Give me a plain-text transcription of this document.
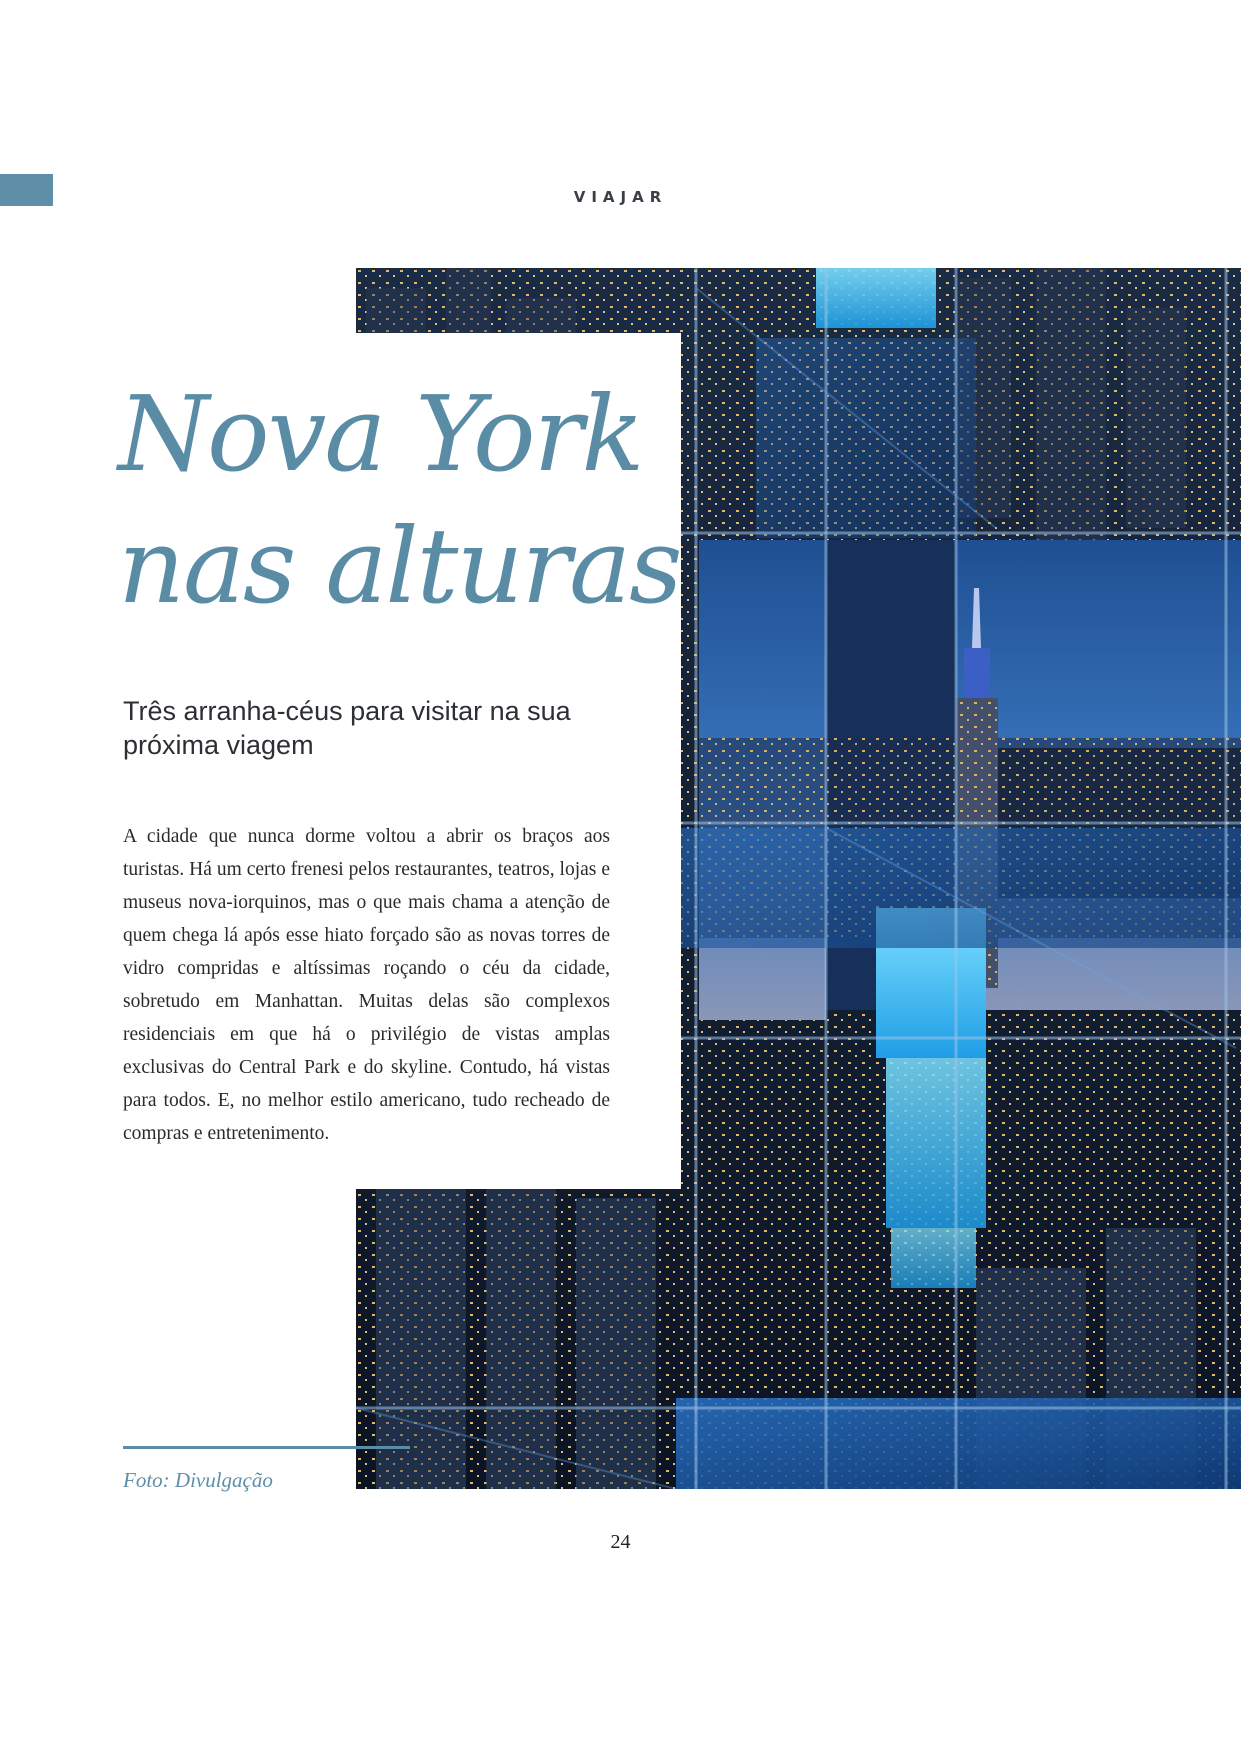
VIAJAR
Nova York
nas alturas

Três arranha-céus para visitar na sua próxima viagem

A cidade que nunca dorme voltou a abrir os braços aos turistas. Há um certo frenesi pelos restaurantes, teatros, lojas e museus nova-iorquinos, mas o que mais chama a atenção de quem chega lá após esse hiato forçado são as novas torres de vidro compridas e altíssimas roçando o céu da cidade, sobretudo em Manhattan. Muitas delas são complexos residenciais em que há o privilégio de vistas amplas exclusivas do Central Park e do skyline. Contudo, há vistas para todos. E, no melhor estilo americano, tudo recheado de compras e entretenimento.

Foto: Divulgação
24
